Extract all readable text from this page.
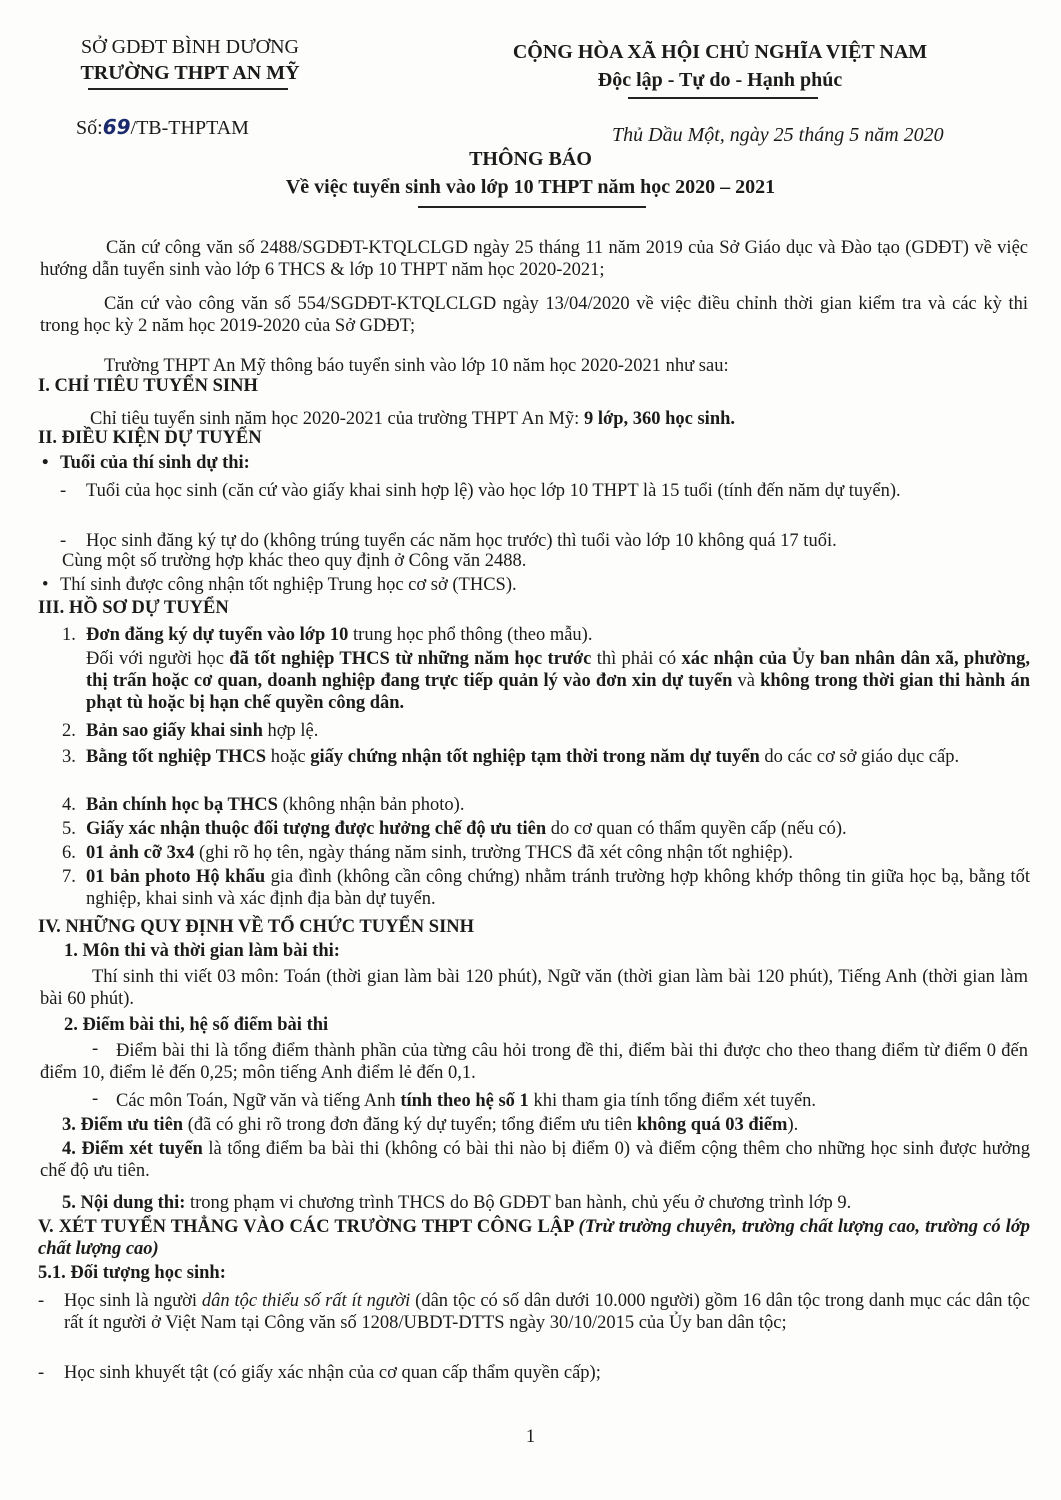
SỞ GDĐT BÌNH DƯƠNG
TRƯỜNG THPT AN MỸ
CỘNG HÒA XÃ HỘI CHỦ NGHĨA VIỆT NAM
Độc lập - Tự do - Hạnh phúc
Số:69/TB-THPTAM	Thủ Dầu Một, ngày 25 tháng 5 năm 2020
THÔNG BÁO
Về việc tuyển sinh vào lớp 10 THPT năm học 2020 – 2021

Căn cứ công văn số 2488/SGDĐT-KTQLCLGD ngày 25 tháng 11 năm 2019 của Sở Giáo dục và Đào tạo (GDĐT) về việc hướng dẫn tuyển sinh vào lớp 6 THCS & lớp 10 THPT năm học 2020-2021;

Căn cứ vào công văn số 554/SGDĐT-KTQLCLGD ngày 13/04/2020 về việc điều chỉnh thời gian kiểm tra và các kỳ thi trong học kỳ 2 năm học 2019-2020 của Sở GDĐT;

Trường THPT An Mỹ thông báo tuyển sinh vào lớp 10 năm học 2020-2021 như sau:

I. CHỈ TIÊU TUYỂN SINH

Chỉ tiêu tuyển sinh năm học 2020-2021 của trường THPT An Mỹ: 9 lớp, 360 học sinh.

II. ĐIỀU KIỆN DỰ TUYỂN
• Tuổi của thí sinh dự thi:

- Tuổi của học sinh (căn cứ vào giấy khai sinh hợp lệ) vào học lớp 10 THPT là 15 tuổi (tính đến năm dự tuyển).

- Học sinh đăng ký tự do (không trúng tuyển các năm học trước) thì tuổi vào lớp 10 không quá 17 tuổi.

Cùng một số trường hợp khác theo quy định ở Công văn 2488.

• Thí sinh được công nhận tốt nghiệp Trung học cơ sở (THCS).
III. HỒ SƠ DỰ TUYỂN
1. Đơn đăng ký dự tuyển vào lớp 10 trung học phổ thông (theo mẫu).

Đối với người học đã tốt nghiệp THCS từ những năm học trước thì phải có xác nhận của Ủy ban nhân dân xã, phường, thị trấn hoặc cơ quan, doanh nghiệp đang trực tiếp quản lý vào đơn xin dự tuyển và không trong thời gian thi hành án phạt tù hoặc bị hạn chế quyền công dân.

2. Bản sao giấy khai sinh hợp lệ.

3. Bằng tốt nghiệp THCS hoặc giấy chứng nhận tốt nghiệp tạm thời trong năm dự tuyển do các cơ sở giáo dục cấp.

4. Bản chính học bạ THCS (không nhận bản photo).
5. Giấy xác nhận thuộc đối tượng được hưởng chế độ ưu tiên do cơ quan có thẩm quyền cấp (nếu có).
6. 01 ảnh cỡ 3x4 (ghi rõ họ tên, ngày tháng năm sinh, trường THCS đã xét công nhận tốt nghiệp).

7. 01 bản photo Hộ khẩu gia đình (không cần công chứng) nhằm tránh trường hợp không khớp thông tin giữa học bạ, bằng tốt nghiệp, khai sinh và xác định địa bàn dự tuyển.

IV. NHỮNG QUY ĐỊNH VỀ TỔ CHỨC TUYỂN SINH
1. Môn thi và thời gian làm bài thi:

Thí sinh thi viết 03 môn: Toán (thời gian làm bài 120 phút), Ngữ văn (thời gian làm bài 120 phút), Tiếng Anh (thời gian làm bài 60 phút).

2. Điểm bài thi, hệ số điểm bài thi

Điểm bài thi là tổng điểm thành phần của từng câu hỏi trong đề thi, điểm bài thi được cho theo thang điểm từ điểm 0 đến điểm 10, điểm lẻ đến 0,25; môn tiếng Anh điểm lẻ đến 0,1.

-
- Các môn Toán, Ngữ văn và tiếng Anh tính theo hệ số 1 khi tham gia tính tổng điểm xét tuyển.

3. Điểm ưu tiên (đã có ghi rõ trong đơn đăng ký dự tuyển; tổng điểm ưu tiên không quá 03 điểm).

4. Điểm xét tuyển là tổng điểm ba bài thi (không có bài thi nào bị điểm 0) và điểm cộng thêm cho những học sinh được hưởng chế độ ưu tiên.

5. Nội dung thi: trong phạm vi chương trình THCS do Bộ GDĐT ban hành, chủ yếu ở chương trình lớp 9.

V. XÉT TUYỂN THẲNG VÀO CÁC TRƯỜNG THPT CÔNG LẬP (Trừ trường chuyên, trường chất lượng cao, trường có lớp chất lượng cao)

5.1. Đối tượng học sinh:

- Học sinh là người dân tộc thiểu số rất ít người (dân tộc có số dân dưới 10.000 người) gồm 16 dân tộc trong danh mục các dân tộc rất ít người ở Việt Nam tại Công văn số 1208/UBDT-DTTS ngày 30/10/2015 của Ủy ban dân tộc;

- Học sinh khuyết tật (có giấy xác nhận của cơ quan cấp thẩm quyền cấp);

1
